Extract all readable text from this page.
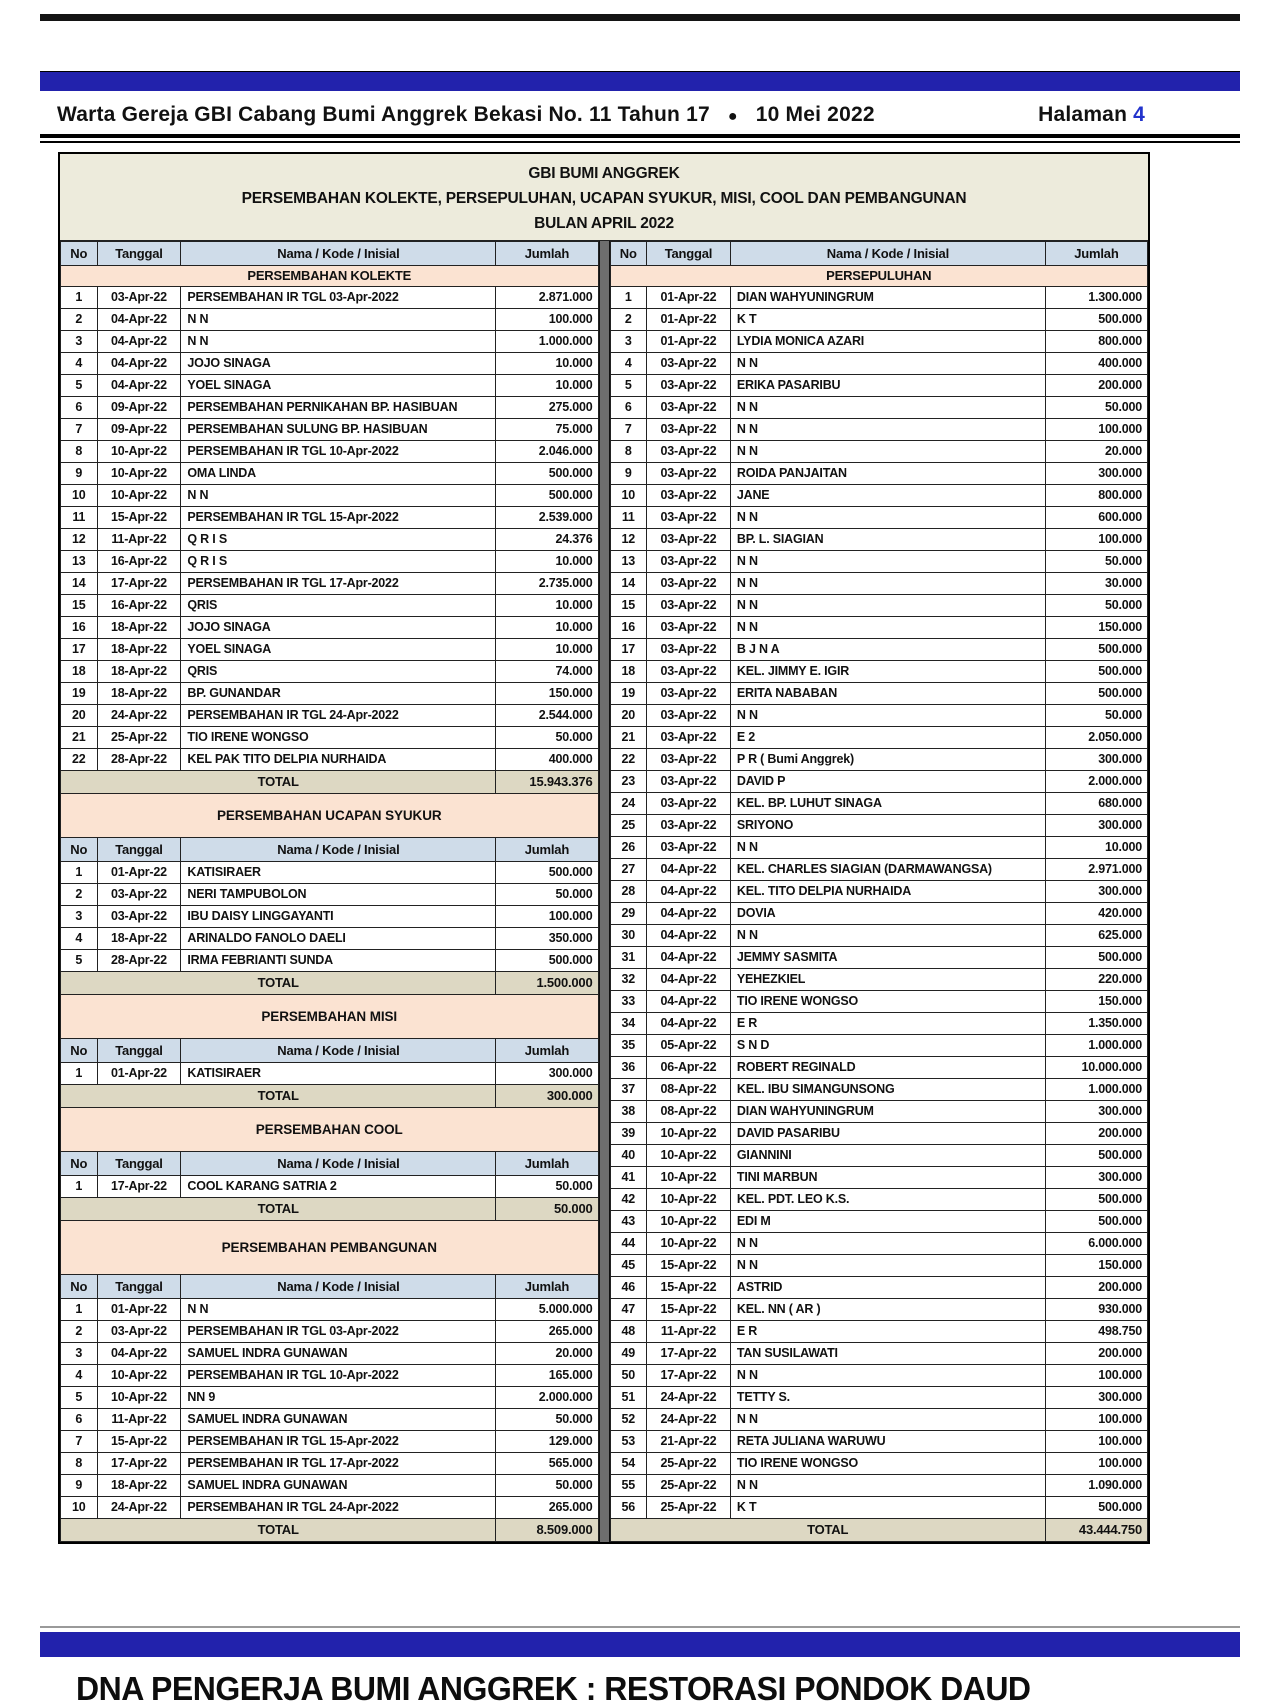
Warta Gereja GBI Cabang Bumi Anggrek Bekasi No. 11 Tahun 17 ● 10 Mei 2022	Halaman 4
GBI BUMI ANGGREK
PERSEMBAHAN KOLEKTE, PERSEPULUHAN, UCAPAN SYUKUR, MISI, COOL DAN PEMBANGUNAN
BULAN APRIL 2022
No	Tanggal	Nama / Kode / Inisial	Jumlah
PERSEMBAHAN KOLEKTE			
1	03-Apr-22	PERSEMBAHAN IR TGL 03-Apr-2022	2.871.000
2	04-Apr-22	N N	100.000
3	04-Apr-22	N N	1.000.000
4	04-Apr-22	JOJO SINAGA	10.000
5	04-Apr-22	YOEL SINAGA	10.000
6	09-Apr-22	PERSEMBAHAN PERNIKAHAN BP. HASIBUAN	275.000
7	09-Apr-22	PERSEMBAHAN SULUNG BP. HASIBUAN	75.000
8	10-Apr-22	PERSEMBAHAN IR TGL 10-Apr-2022	2.046.000
9	10-Apr-22	OMA LINDA	500.000
10	10-Apr-22	N N	500.000
11	15-Apr-22	PERSEMBAHAN IR TGL 15-Apr-2022	2.539.000
12	11-Apr-22	Q R I S	24.376
13	16-Apr-22	Q R I S	10.000
14	17-Apr-22	PERSEMBAHAN IR TGL 17-Apr-2022	2.735.000
15	16-Apr-22	QRIS	10.000
16	18-Apr-22	JOJO SINAGA	10.000
17	18-Apr-22	YOEL SINAGA	10.000
18	18-Apr-22	QRIS	74.000
19	18-Apr-22	BP. GUNANDAR	150.000
20	24-Apr-22	PERSEMBAHAN IR TGL 24-Apr-2022	2.544.000
21	25-Apr-22	TIO IRENE WONGSO	50.000
22	28-Apr-22	KEL PAK TITO DELPIA NURHAIDA	400.000
TOTAL			15.943.376
PERSEMBAHAN UCAPAN SYUKUR
No	Tanggal	Nama / Kode / Inisial	Jumlah
1	01-Apr-22	KATISIRAER	500.000
2	03-Apr-22	NERI TAMPUBOLON	50.000
3	03-Apr-22	IBU DAISY LINGGAYANTI	100.000
4	18-Apr-22	ARINALDO FANOLO DAELI	350.000
5	28-Apr-22	IRMA FEBRIANTI SUNDA	500.000
TOTAL			1.500.000
PERSEMBAHAN MISI
No	Tanggal	Nama / Kode / Inisial	Jumlah
1	01-Apr-22	KATISIRAER	300.000
TOTAL			300.000
PERSEMBAHAN COOL
No	Tanggal	Nama / Kode / Inisial	Jumlah
1	17-Apr-22	COOL KARANG SATRIA 2	50.000
TOTAL			50.000
PERSEMBAHAN PEMBANGUNAN
No	Tanggal	Nama / Kode / Inisial	Jumlah
1	01-Apr-22	N N	5.000.000
2	03-Apr-22	PERSEMBAHAN IR TGL 03-Apr-2022	265.000
3	04-Apr-22	SAMUEL INDRA GUNAWAN	20.000
4	10-Apr-22	PERSEMBAHAN IR TGL 10-Apr-2022	165.000
5	10-Apr-22	NN 9	2.000.000
6	11-Apr-22	SAMUEL INDRA GUNAWAN	50.000
7	15-Apr-22	PERSEMBAHAN IR TGL 15-Apr-2022	129.000
8	17-Apr-22	PERSEMBAHAN IR TGL 17-Apr-2022	565.000
9	18-Apr-22	SAMUEL INDRA GUNAWAN	50.000
10	24-Apr-22	PERSEMBAHAN IR TGL 24-Apr-2022	265.000
TOTAL			8.509.000
No	Tanggal	Nama / Kode / Inisial	Jumlah
PERSEPULUHAN			
1	01-Apr-22	DIAN WAHYUNINGRUM	1.300.000
2	01-Apr-22	K T	500.000
3	01-Apr-22	LYDIA MONICA AZARI	800.000
4	03-Apr-22	N N	400.000
5	03-Apr-22	ERIKA PASARIBU	200.000
6	03-Apr-22	N N	50.000
7	03-Apr-22	N N	100.000
8	03-Apr-22	N N	20.000
9	03-Apr-22	ROIDA PANJAITAN	300.000
10	03-Apr-22	JANE	800.000
11	03-Apr-22	N N	600.000
12	03-Apr-22	BP. L. SIAGIAN	100.000
13	03-Apr-22	N N	50.000
14	03-Apr-22	N N	30.000
15	03-Apr-22	N N	50.000
16	03-Apr-22	N N	150.000
17	03-Apr-22	B J N A	500.000
18	03-Apr-22	KEL. JIMMY E. IGIR	500.000
19	03-Apr-22	ERITA NABABAN	500.000
20	03-Apr-22	N N	50.000
21	03-Apr-22	E 2	2.050.000
22	03-Apr-22	P R ( Bumi Anggrek)	300.000
23	03-Apr-22	DAVID P	2.000.000
24	03-Apr-22	KEL. BP. LUHUT SINAGA	680.000
25	03-Apr-22	SRIYONO	300.000
26	03-Apr-22	N N	10.000
27	04-Apr-22	KEL. CHARLES SIAGIAN (DARMAWANGSA)	2.971.000
28	04-Apr-22	KEL. TITO DELPIA NURHAIDA	300.000
29	04-Apr-22	DOVIA	420.000
30	04-Apr-22	N N	625.000
31	04-Apr-22	JEMMY SASMITA	500.000
32	04-Apr-22	YEHEZKIEL	220.000
33	04-Apr-22	TIO IRENE WONGSO	150.000
34	04-Apr-22	E R	1.350.000
35	05-Apr-22	S N D	1.000.000
36	06-Apr-22	ROBERT REGINALD	10.000.000
37	08-Apr-22	KEL. IBU SIMANGUNSONG	1.000.000
38	08-Apr-22	DIAN WAHYUNINGRUM	300.000
39	10-Apr-22	DAVID PASARIBU	200.000
40	10-Apr-22	GIANNINI	500.000
41	10-Apr-22	TINI MARBUN	300.000
42	10-Apr-22	KEL. PDT. LEO K.S.	500.000
43	10-Apr-22	EDI M	500.000
44	10-Apr-22	N N	6.000.000
45	15-Apr-22	N N	150.000
46	15-Apr-22	ASTRID	200.000
47	15-Apr-22	KEL. NN ( AR )	930.000
48	11-Apr-22	E R	498.750
49	17-Apr-22	TAN SUSILAWATI	200.000
50	17-Apr-22	N N	100.000
51	24-Apr-22	TETTY S.	300.000
52	24-Apr-22	N N	100.000
53	21-Apr-22	RETA JULIANA WARUWU	100.000
54	25-Apr-22	TIO IRENE WONGSO	100.000
55	25-Apr-22	N N	1.090.000
56	25-Apr-22	K T	500.000
TOTAL			43.444.750
DNA PENGERJA BUMI ANGGREK : RESTORASI PONDOK DAUD
